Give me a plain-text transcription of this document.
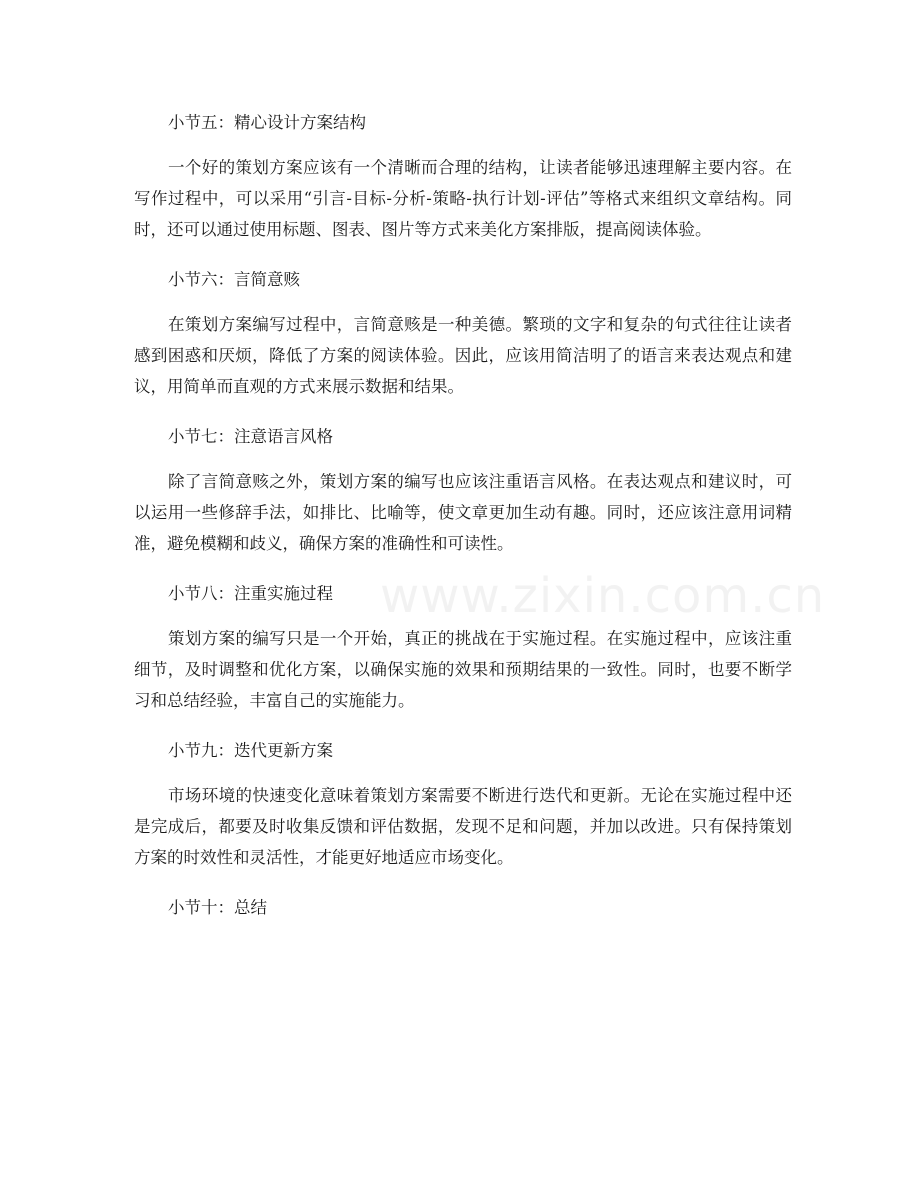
小节五：精心设计方案结构

一个好的策划方案应该有一个清晰而合理的结构，让读者能够迅速理解主要内容。在写作过程中，可以采用“引言-目标-分析-策略-执行计划-评估”等格式来组织文章结构。同时，还可以通过使用标题、图表、图片等方式来美化方案排版，提高阅读体验。

小节六：言简意赅

在策划方案编写过程中，言简意赅是一种美德。繁琐的文字和复杂的句式往往让读者感到困惑和厌烦，降低了方案的阅读体验。因此，应该用简洁明了的语言来表达观点和建议，用简单而直观的方式来展示数据和结果。

小节七：注意语言风格

除了言简意赅之外，策划方案的编写也应该注重语言风格。在表达观点和建议时，可以运用一些修辞手法，如排比、比喻等，使文章更加生动有趣。同时，还应该注意用词精准，避免模糊和歧义，确保方案的准确性和可读性。

小节八：注重实施过程

策划方案的编写只是一个开始，真正的挑战在于实施过程。在实施过程中，应该注重细节，及时调整和优化方案，以确保实施的效果和预期结果的一致性。同时，也要不断学习和总结经验，丰富自己的实施能力。

小节九：迭代更新方案

市场环境的快速变化意味着策划方案需要不断进行迭代和更新。无论在实施过程中还是完成后，都要及时收集反馈和评估数据，发现不足和问题，并加以改进。只有保持策划方案的时效性和灵活性，才能更好地适应市场变化。

小节十：总结
www.zixin.com.cn
